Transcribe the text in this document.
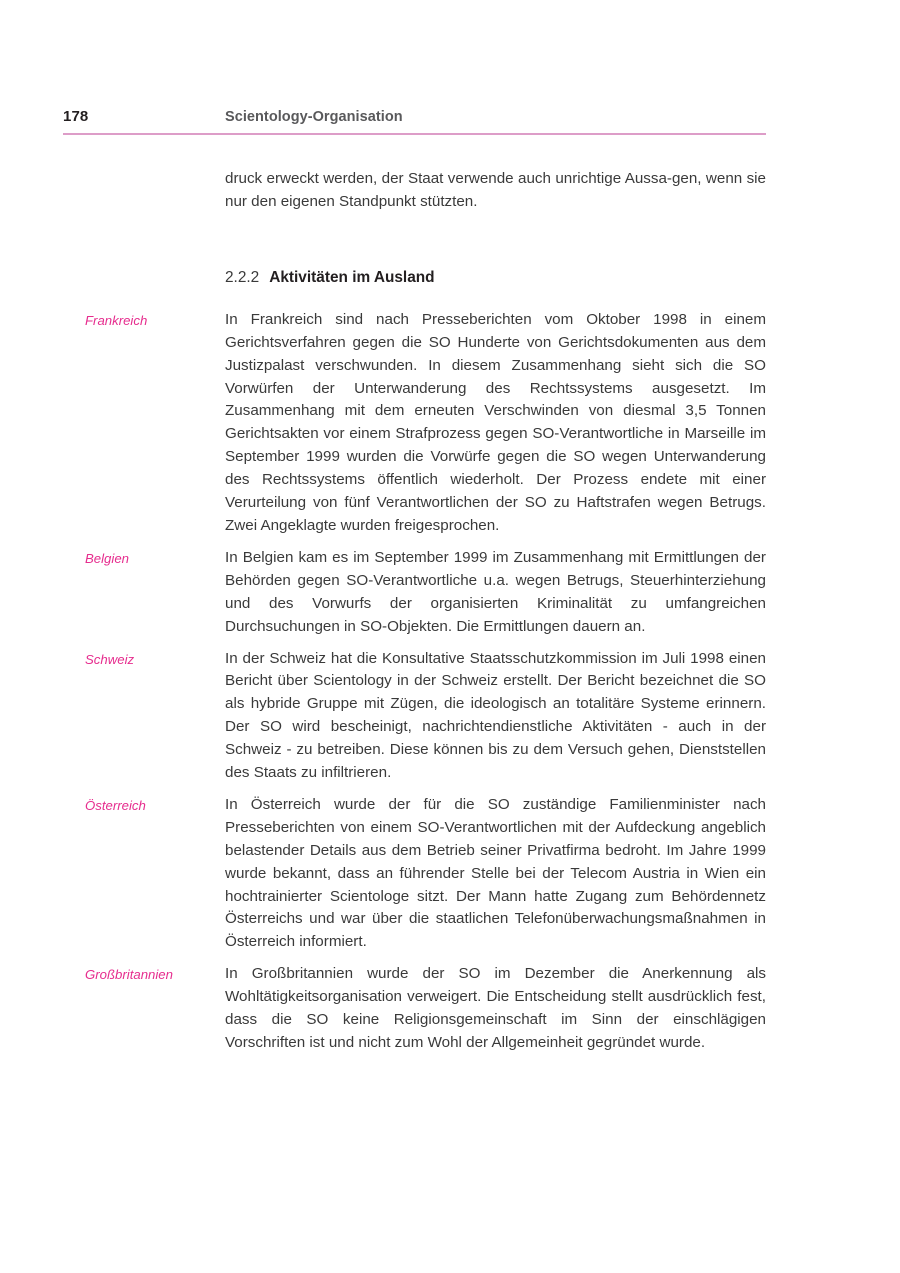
178	Scientology-Organisation
druck erweckt werden, der Staat verwende auch unrichtige Aussa-gen, wenn sie nur den eigenen Standpunkt stützten.
2.2.2 Aktivitäten im Ausland
Frankreich	In Frankreich sind nach Presseberichten vom Oktober 1998 in einem Gerichtsverfahren gegen die SO Hunderte von Gerichtsdokumenten aus dem Justizpalast verschwunden. In diesem Zusammenhang sieht sich die SO Vorwürfen der Unterwanderung des Rechtssystems ausgesetzt. Im Zusammenhang mit dem erneuten Verschwinden von diesmal 3,5 Tonnen Gerichtsakten vor einem Strafprozess gegen SO-Verantwortliche in Marseille im September 1999 wurden die Vorwürfe gegen die SO wegen Unterwanderung des Rechtssystems öffentlich wiederholt. Der Prozess endete mit einer Verurteilung von fünf Verantwortlichen der SO zu Haftstrafen wegen Betrugs. Zwei Angeklagte wurden freigesprochen.
Belgien	In Belgien kam es im September 1999 im Zusammenhang mit Ermittlungen der Behörden gegen SO-Verantwortliche u.a. wegen Betrugs, Steuerhinterziehung und des Vorwurfs der organisierten Kriminalität zu umfangreichen Durchsuchungen in SO-Objekten. Die Ermittlungen dauern an.
Schweiz	In der Schweiz hat die Konsultative Staatsschutzkommission im Juli 1998 einen Bericht über Scientology in der Schweiz erstellt. Der Bericht bezeichnet die SO als hybride Gruppe mit Zügen, die ideologisch an totalitäre Systeme erinnern. Der SO wird bescheinigt, nachrichtendienstliche Aktivitäten - auch in der Schweiz - zu betreiben. Diese können bis zu dem Versuch gehen, Dienststellen des Staats zu infiltrieren.
Österreich	In Österreich wurde der für die SO zuständige Familienminister nach Presseberichten von einem SO-Verantwortlichen mit der Aufdeckung angeblich belastender Details aus dem Betrieb seiner Privatfirma bedroht. Im Jahre 1999 wurde bekannt, dass an führender Stelle bei der Telecom Austria in Wien ein hochtrainierter Scientologe sitzt. Der Mann hatte Zugang zum Behördennetz Österreichs und war über die staatlichen Telefonüberwachungsmaßnahmen in Österreich informiert.
Großbritannien	In Großbritannien wurde der SO im Dezember die Anerkennung als Wohltätigkeitsorganisation verweigert. Die Entscheidung stellt ausdrücklich fest, dass die SO keine Religionsgemeinschaft im Sinn der einschlägigen Vorschriften ist und nicht zum Wohl der Allgemeinheit gegründet wurde.
